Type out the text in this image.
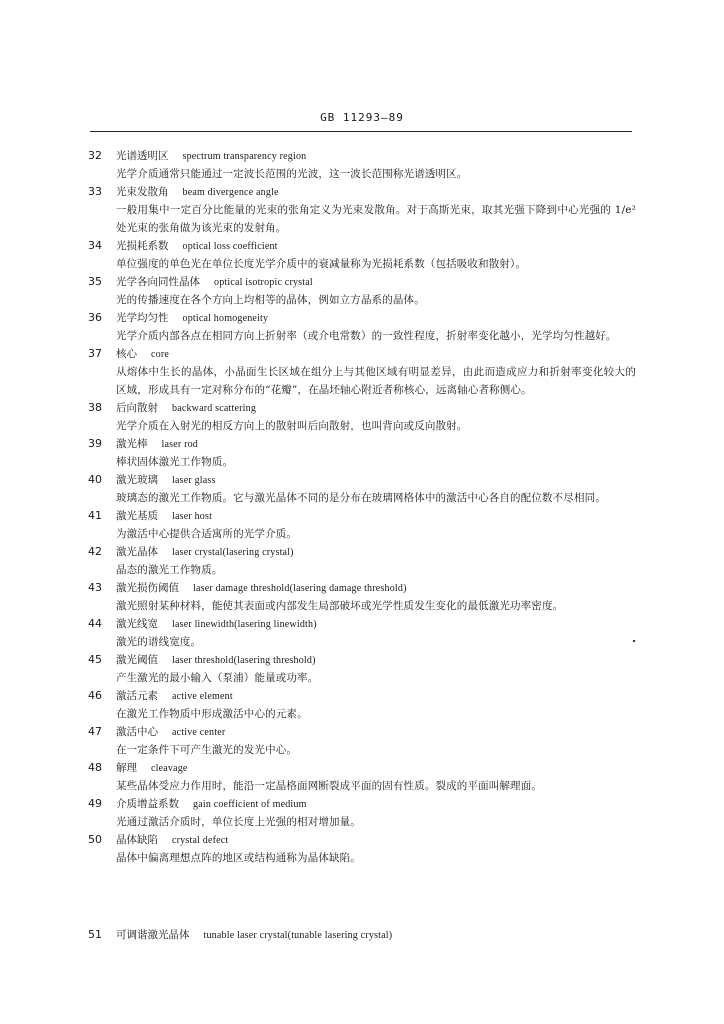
GB 11293—89
32	光谱透明区 spectrum transparency region
光学介质通常只能通过一定波长范围的光波，这一波长范围称光谱透明区。
33	光束发散角 beam divergence angle
一般用集中一定百分比能量的光束的张角定义为光束发散角。对于高斯光束，取其光强下降到中心光强的 1/e² 处光束的张角做为该光束的发射角。
34	光损耗系数 optical loss coefficient
单位强度的单色光在单位长度光学介质中的衰减量称为光损耗系数（包括吸收和散射）。
35	光学各向同性晶体 optical isotropic crystal
光的传播速度在各个方向上均相等的晶体，例如立方晶系的晶体。
36	光学均匀性 optical homogeneity
光学介质内部各点在相同方向上折射率（或介电常数）的一致性程度，折射率变化越小，光学均匀性越好。
37	核心 core
从熔体中生长的晶体，小晶面生长区域在组分上与其他区域有明显差异，由此而造成应力和折射率变化较大的区域，形成具有一定对称分布的“花瓣”，在晶坯轴心附近者称核心，远离轴心者称侧心。
38	后向散射 backward scattering
光学介质在入射光的相反方向上的散射叫后向散射，也叫背向或反向散射。
39	激光棒 laser rod
棒状固体激光工作物质。
40	激光玻璃 laser glass
玻璃态的激光工作物质。它与激光晶体不同的是分布在玻璃网格体中的激活中心各自的配位数不尽相同。
41	激光基质 laser host
为激活中心提供合适寓所的光学介质。
42	激光晶体 laser crystal(lasering crystal)
晶态的激光工作物质。
43	激光损伤阈值 laser damage threshold(lasering damage threshold)
激光照射某种材料，能使其表面或内部发生局部破坏或光学性质发生变化的最低激光功率密度。
44	激光线宽 laser linewidth(lasering linewidth)
激光的谱线宽度。
45	激光阈值 laser threshold(lasering threshold)
产生激光的最小输入（泵浦）能量或功率。
46	激活元素 active element
在激光工作物质中形成激活中心的元素。
47	激活中心 active center
在一定条件下可产生激光的发光中心。
48	解理 cleavage
某些晶体受应力作用时，能沿一定晶格面网断裂成平面的固有性质。裂成的平面叫解理面。
49	介质增益系数 gain coefficient of medium
光通过激活介质时，单位长度上光强的相对增加量。
50	晶体缺陷 crystal defect
晶体中偏离理想点阵的地区或结构通称为晶体缺陷。
51	可调谐激光晶体 tunable laser crystal(tunable lasering crystal)
